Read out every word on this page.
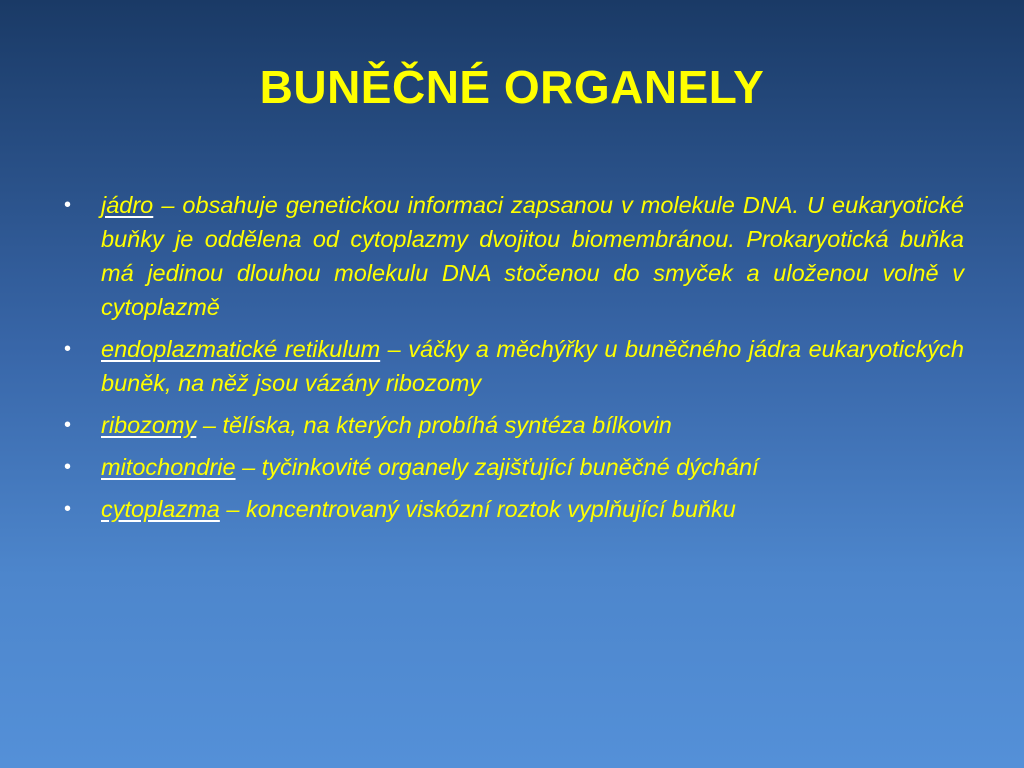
BUNĚČNÉ ORGANELY
• jádro – obsahuje genetickou informaci zapsanou v molekule DNA. U eukaryotické buňky je oddělena od cytoplazmy dvojitou biomembránou. Prokaryotická buňka má jedinou dlouhou molekulu DNA stočenou do smyček a uloženou volně v cytoplazmě
• endoplazmatické retikulum – váčky a měchýřky u buněčného jádra eukaryotických buněk, na něž jsou vázány ribozomy
• ribozomy – tělíska, na kterých probíhá syntéza bílkovin
• mitochondrie – tyčinkovité organely zajišťující buněčné dýchání
• cytoplazma – koncentrovaný viskózní roztok vyplňující buňku
